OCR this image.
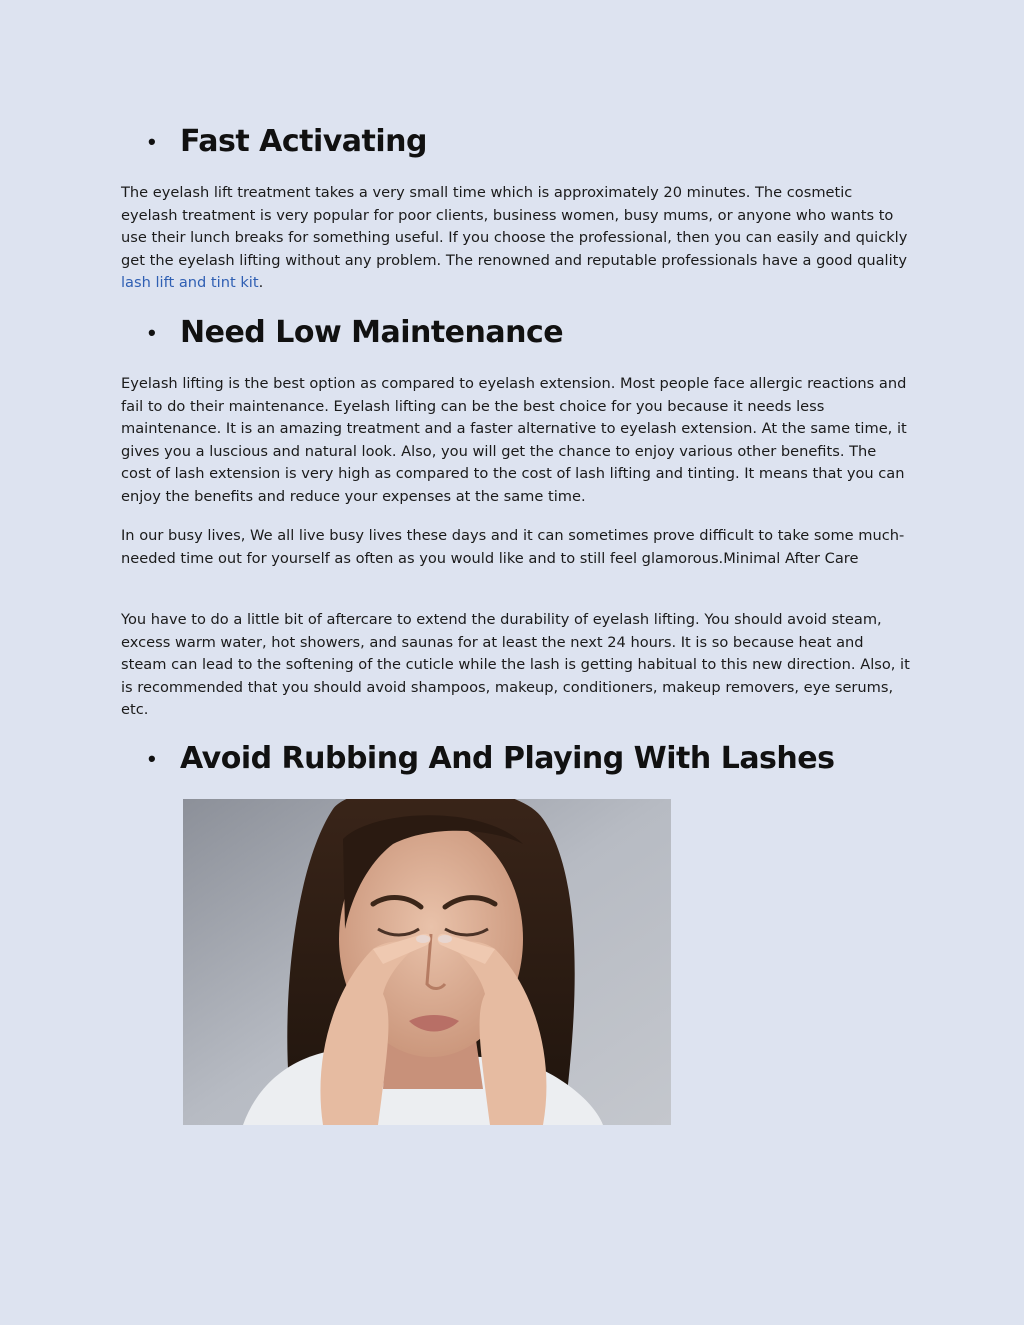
• Fast Activating

The eyelash lift treatment takes a very small time which is approximately 20 minutes. The cosmetic eyelash treatment is very popular for poor clients, business women, busy mums, or anyone who wants to use their lunch breaks for something useful. If you choose the professional, then you can easily and quickly get the eyelash lifting without any problem. The renowned and reputable professionals have a good quality lash lift and tint kit.

• Need Low Maintenance

Eyelash lifting is the best option as compared to eyelash extension. Most people face allergic reactions and fail to do their maintenance. Eyelash lifting can be the best choice for you because it needs less maintenance. It is an amazing treatment and a faster alternative to eyelash extension. At the same time, it gives you a luscious and natural look. Also, you will get the chance to enjoy various other benefits. The cost of lash extension is very high as compared to the cost of lash lifting and tinting. It means that you can enjoy the benefits and reduce your expenses at the same time.

In our busy lives, We all live busy lives these days and it can sometimes prove difficult to take some much-needed time out for yourself as often as you would like and to still feel glamorous.Minimal After Care

You have to do a little bit of aftercare to extend the durability of eyelash lifting. You should avoid steam, excess warm water, hot showers, and saunas for at least the next 24 hours. It is so because heat and steam can lead to the softening of the cuticle while the lash is getting habitual to this new direction. Also, it is recommended that you should avoid shampoos, makeup, conditioners, makeup removers, eye serums, etc.

• Avoid Rubbing And Playing With Lashes
